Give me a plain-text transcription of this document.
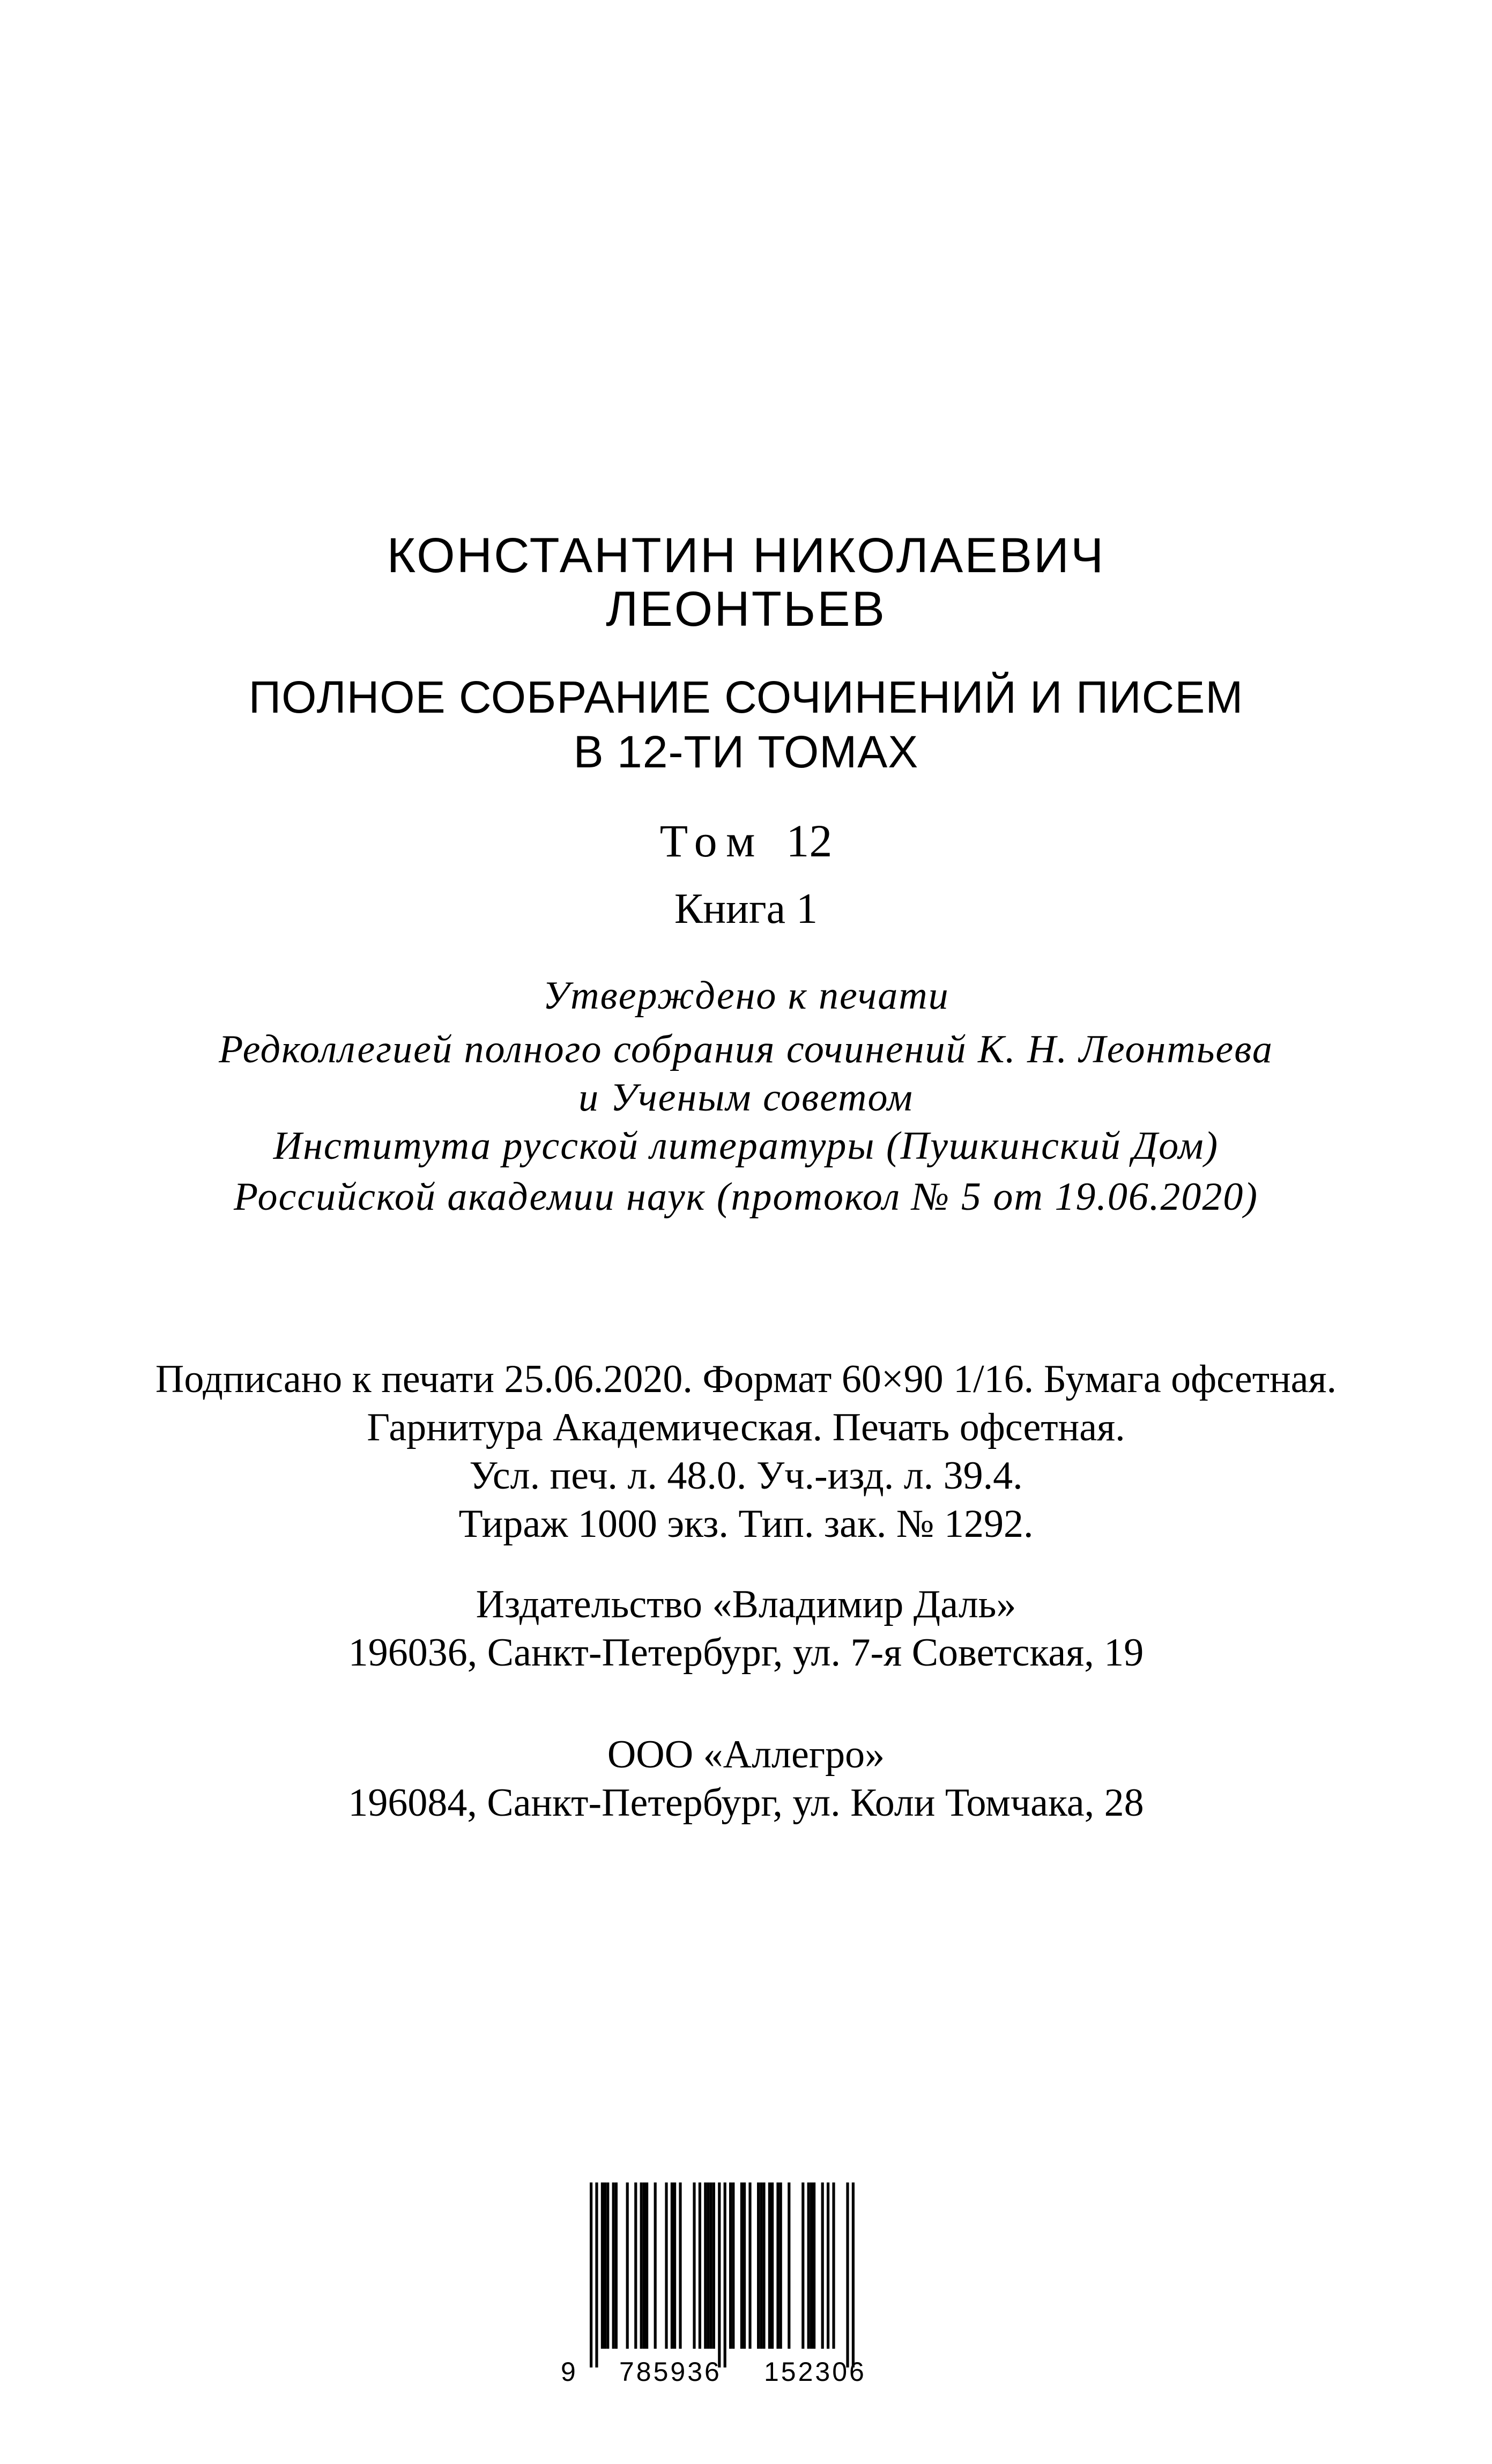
КОНСТАНТИН НИКОЛАЕВИЧ
ЛЕОНТЬЕВ
ПОЛНОЕ СОБРАНИЕ СОЧИНЕНИЙ И ПИСЕМ
В 12-ТИ ТОМАХ
Том 12
Книга 1
Утверждено к печати
Редколлегией полного собрания сочинений К. Н. Леонтьева
и Ученым советом
Института русской литературы (Пушкинский Дом)
Российской академии наук (протокол № 5 от 19.06.2020)
Подписано к печати 25.06.2020. Формат 60×90 1/16. Бумага офсетная.
Гарнитура Академическая. Печать офсетная.
Усл. печ. л. 48.0. Уч.-изд. л. 39.4.
Тираж 1000 экз. Тип. зак. № 1292.
Издательство «Владимир Даль»
196036, Санкт-Петербург, ул. 7-я Советская, 19
ООО «Аллегро»
196084, Санкт-Петербург, ул. Коли Томчака, 28
9 785936 152306
